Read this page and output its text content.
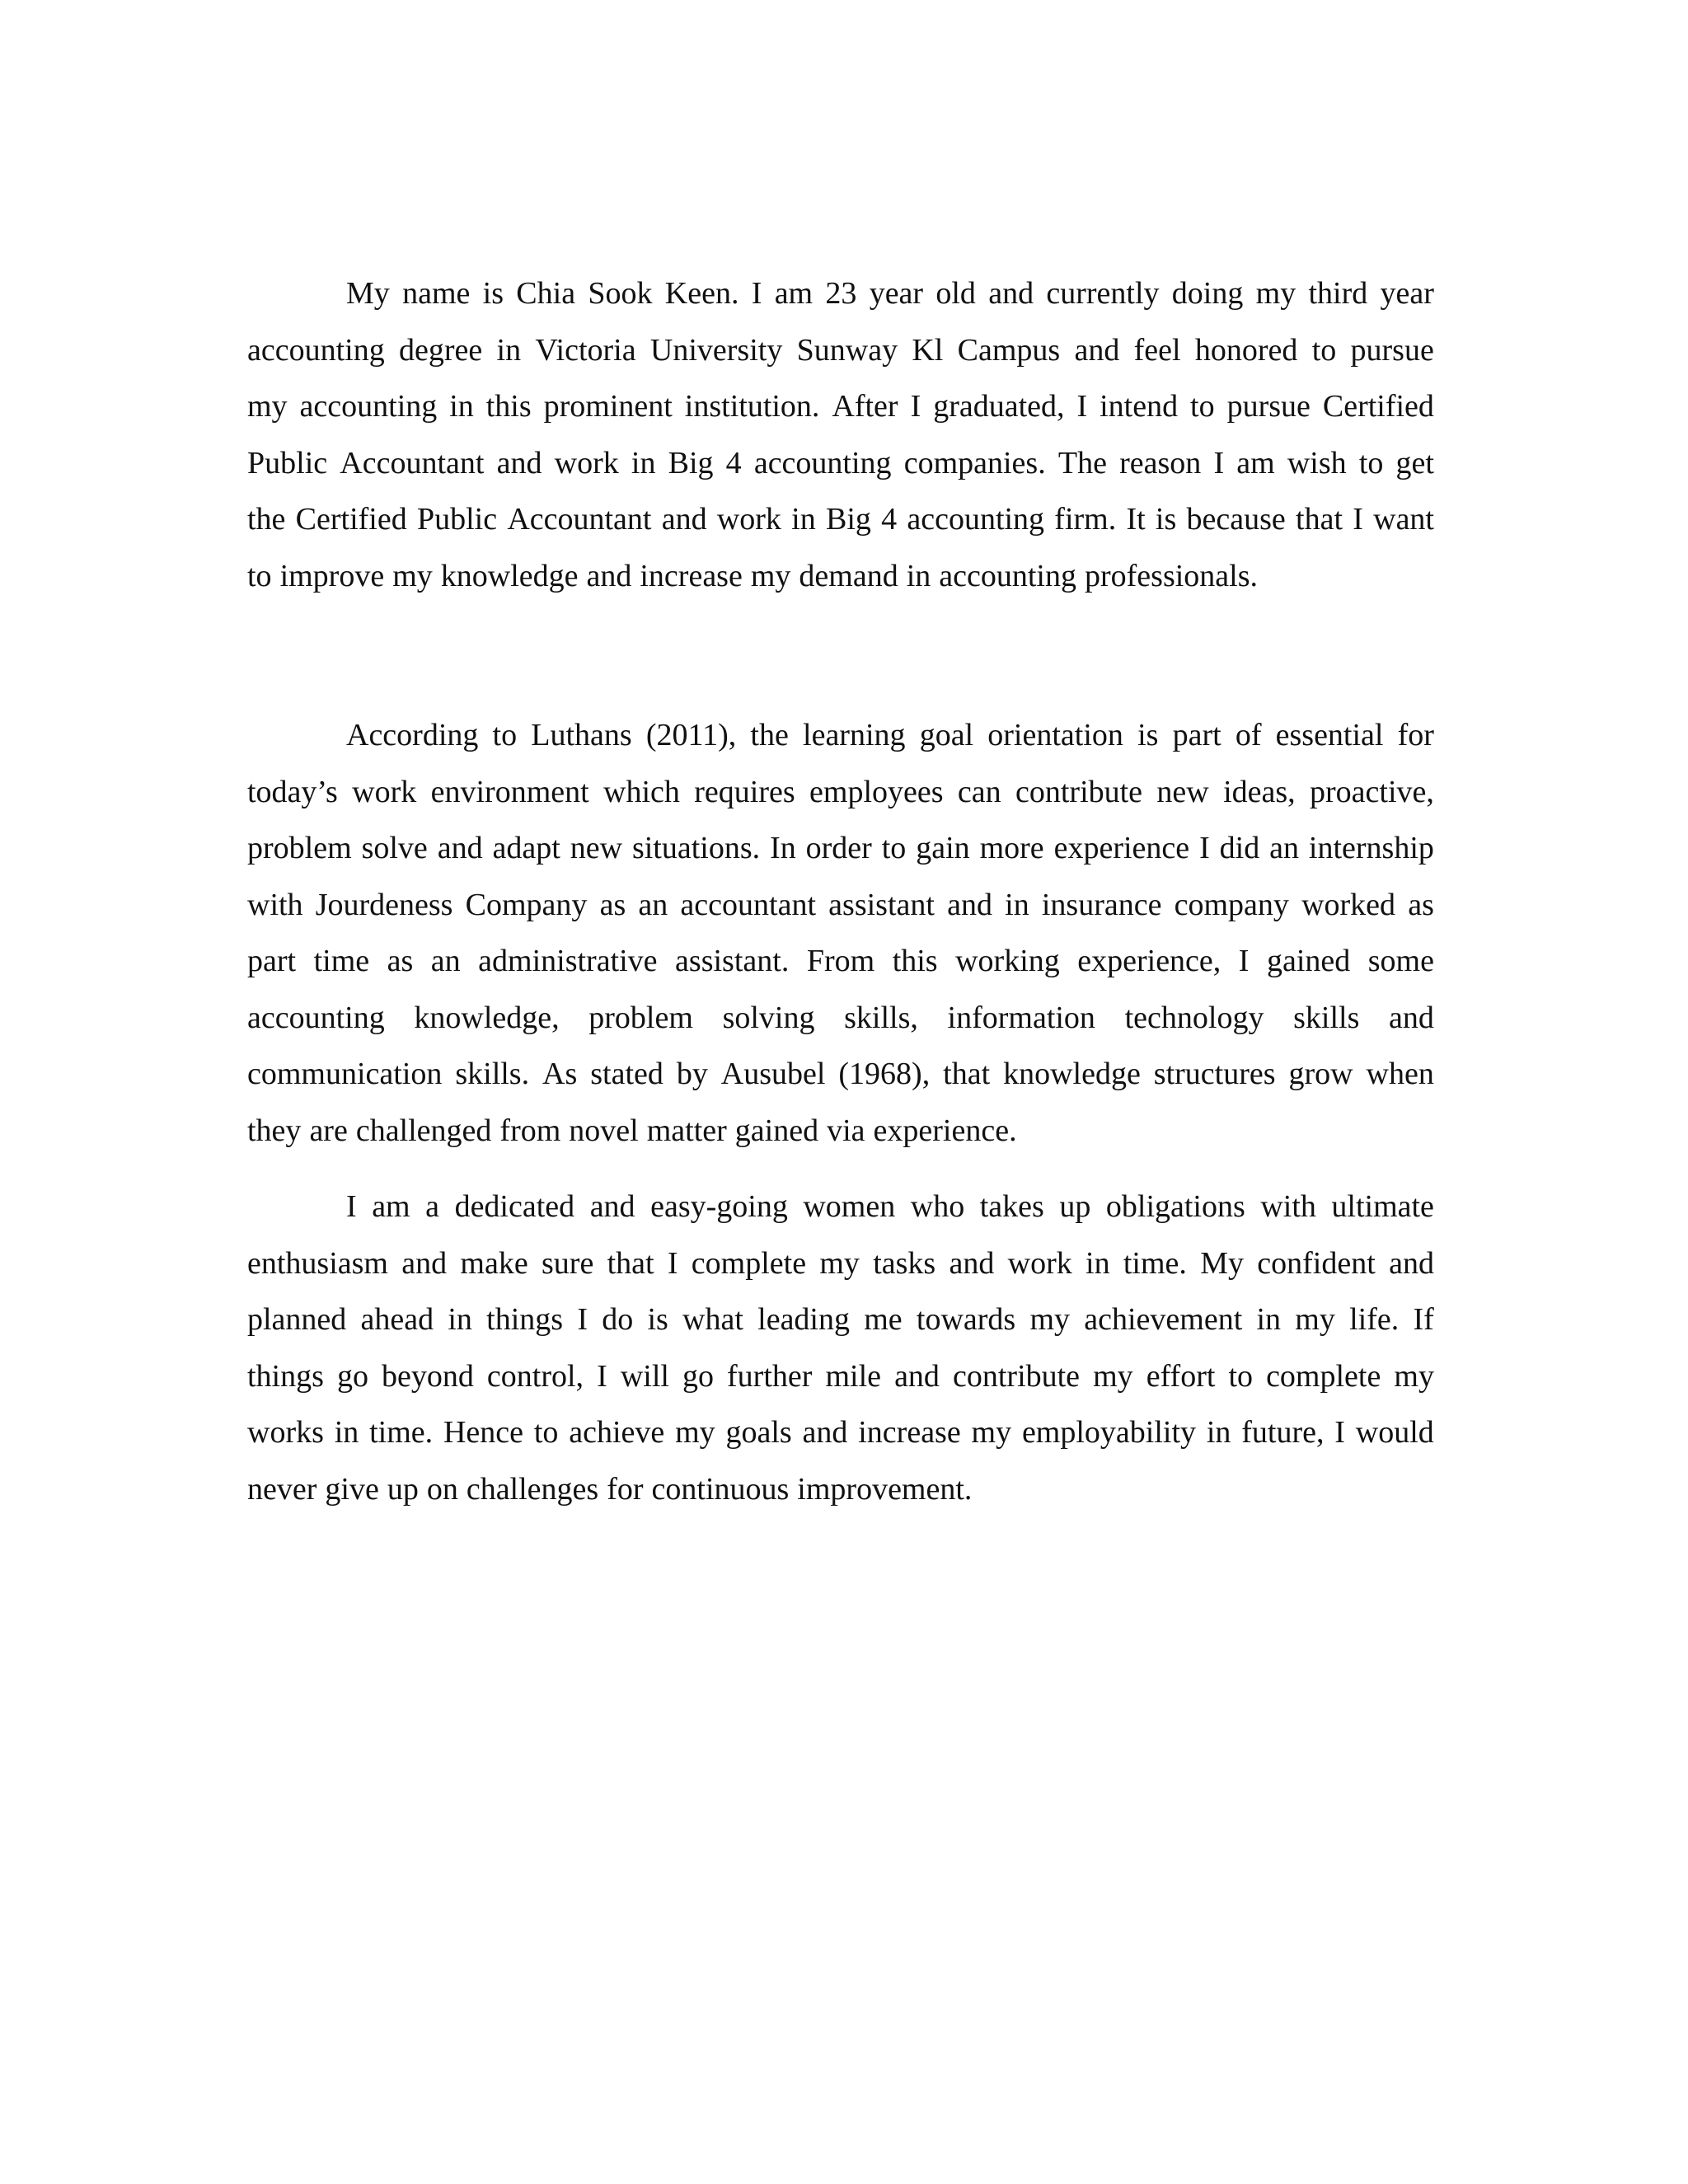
My name is Chia Sook Keen. I am 23 year old and currently doing my third year
accounting degree in Victoria University Sunway Kl Campus and feel honored to pursue
my accounting in this prominent institution. After I graduated, I intend to pursue Certified
Public Accountant and work in Big 4 accounting companies. The reason I am wish to get
the Certified Public Accountant and work in Big 4 accounting firm. It is because that I want
to improve my knowledge and increase my demand in accounting professionals.
According to Luthans (2011), the learning goal orientation is part of essential for
today’s work environment which requires employees can contribute new ideas, proactive,
problem solve and adapt new situations. In order to gain more experience I did an internship
with Jourdeness Company as an accountant assistant and in insurance company worked as
part time as an administrative assistant. From this working experience, I gained some
accounting knowledge, problem solving skills, information technology skills and
communication skills. As stated by Ausubel (1968), that knowledge structures grow when
they are challenged from novel matter gained via experience.
I am a dedicated and easy-going women who takes up obligations with ultimate
enthusiasm and make sure that I complete my tasks and work in time. My confident and
planned ahead in things I do is what leading me towards my achievement in my life. If
things go beyond control, I will go further mile and contribute my effort to complete my
works in time. Hence to achieve my goals and increase my employability in future, I would
never give up on challenges for continuous improvement.
